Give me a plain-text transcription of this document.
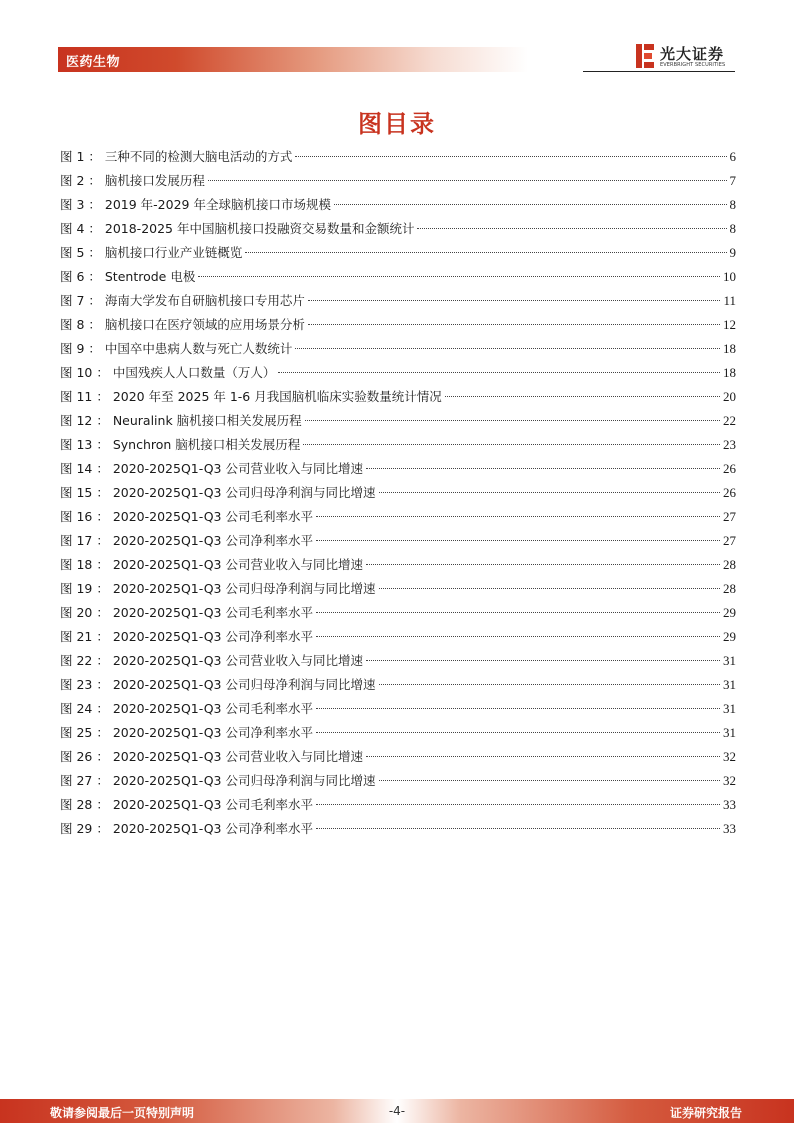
医药生物	光大证券
EVERBRIGHT SECURITIES
图目录
图 1 ： 三种不同的检测大脑电活动的方式	6
图 2 ： 脑机接口发展历程	7
图 3 ： 2019 年-2029 年全球脑机接口市场规模	8
图 4 ： 2018-2025 年中国脑机接口投融资交易数量和金额统计	8
图 5 ： 脑机接口行业产业链概览	9
图 6 ： Stentrode 电极	10
图 7 ： 海南大学发布自研脑机接口专用芯片	11
图 8 ： 脑机接口在医疗领域的应用场景分析	12
图 9 ： 中国卒中患病人数与死亡人数统计	18
图 10 ： 中国残疾人人口数量（万人）	18
图 11 ： 2020 年至 2025 年 1-6 月我国脑机临床实验数量统计情况	20
图 12 ： Neuralink 脑机接口相关发展历程	22
图 13 ： Synchron 脑机接口相关发展历程	23
图 14 ： 2020-2025Q1-Q3 公司营业收入与同比增速	26
图 15 ： 2020-2025Q1-Q3 公司归母净利润与同比增速	26
图 16 ： 2020-2025Q1-Q3 公司毛利率水平	27
图 17 ： 2020-2025Q1-Q3 公司净利率水平	27
图 18 ： 2020-2025Q1-Q3 公司营业收入与同比增速	28
图 19 ： 2020-2025Q1-Q3 公司归母净利润与同比增速	28
图 20 ： 2020-2025Q1-Q3 公司毛利率水平	29
图 21 ： 2020-2025Q1-Q3 公司净利率水平	29
图 22 ： 2020-2025Q1-Q3 公司营业收入与同比增速	31
图 23 ： 2020-2025Q1-Q3 公司归母净利润与同比增速	31
图 24 ： 2020-2025Q1-Q3 公司毛利率水平	31
图 25 ： 2020-2025Q1-Q3 公司净利率水平	31
图 26 ： 2020-2025Q1-Q3 公司营业收入与同比增速	32
图 27 ： 2020-2025Q1-Q3 公司归母净利润与同比增速	32
图 28 ： 2020-2025Q1-Q3 公司毛利率水平	33
图 29 ： 2020-2025Q1-Q3 公司净利率水平	33
敬请参阅最后一页特别声明	-4-	证券研究报告
